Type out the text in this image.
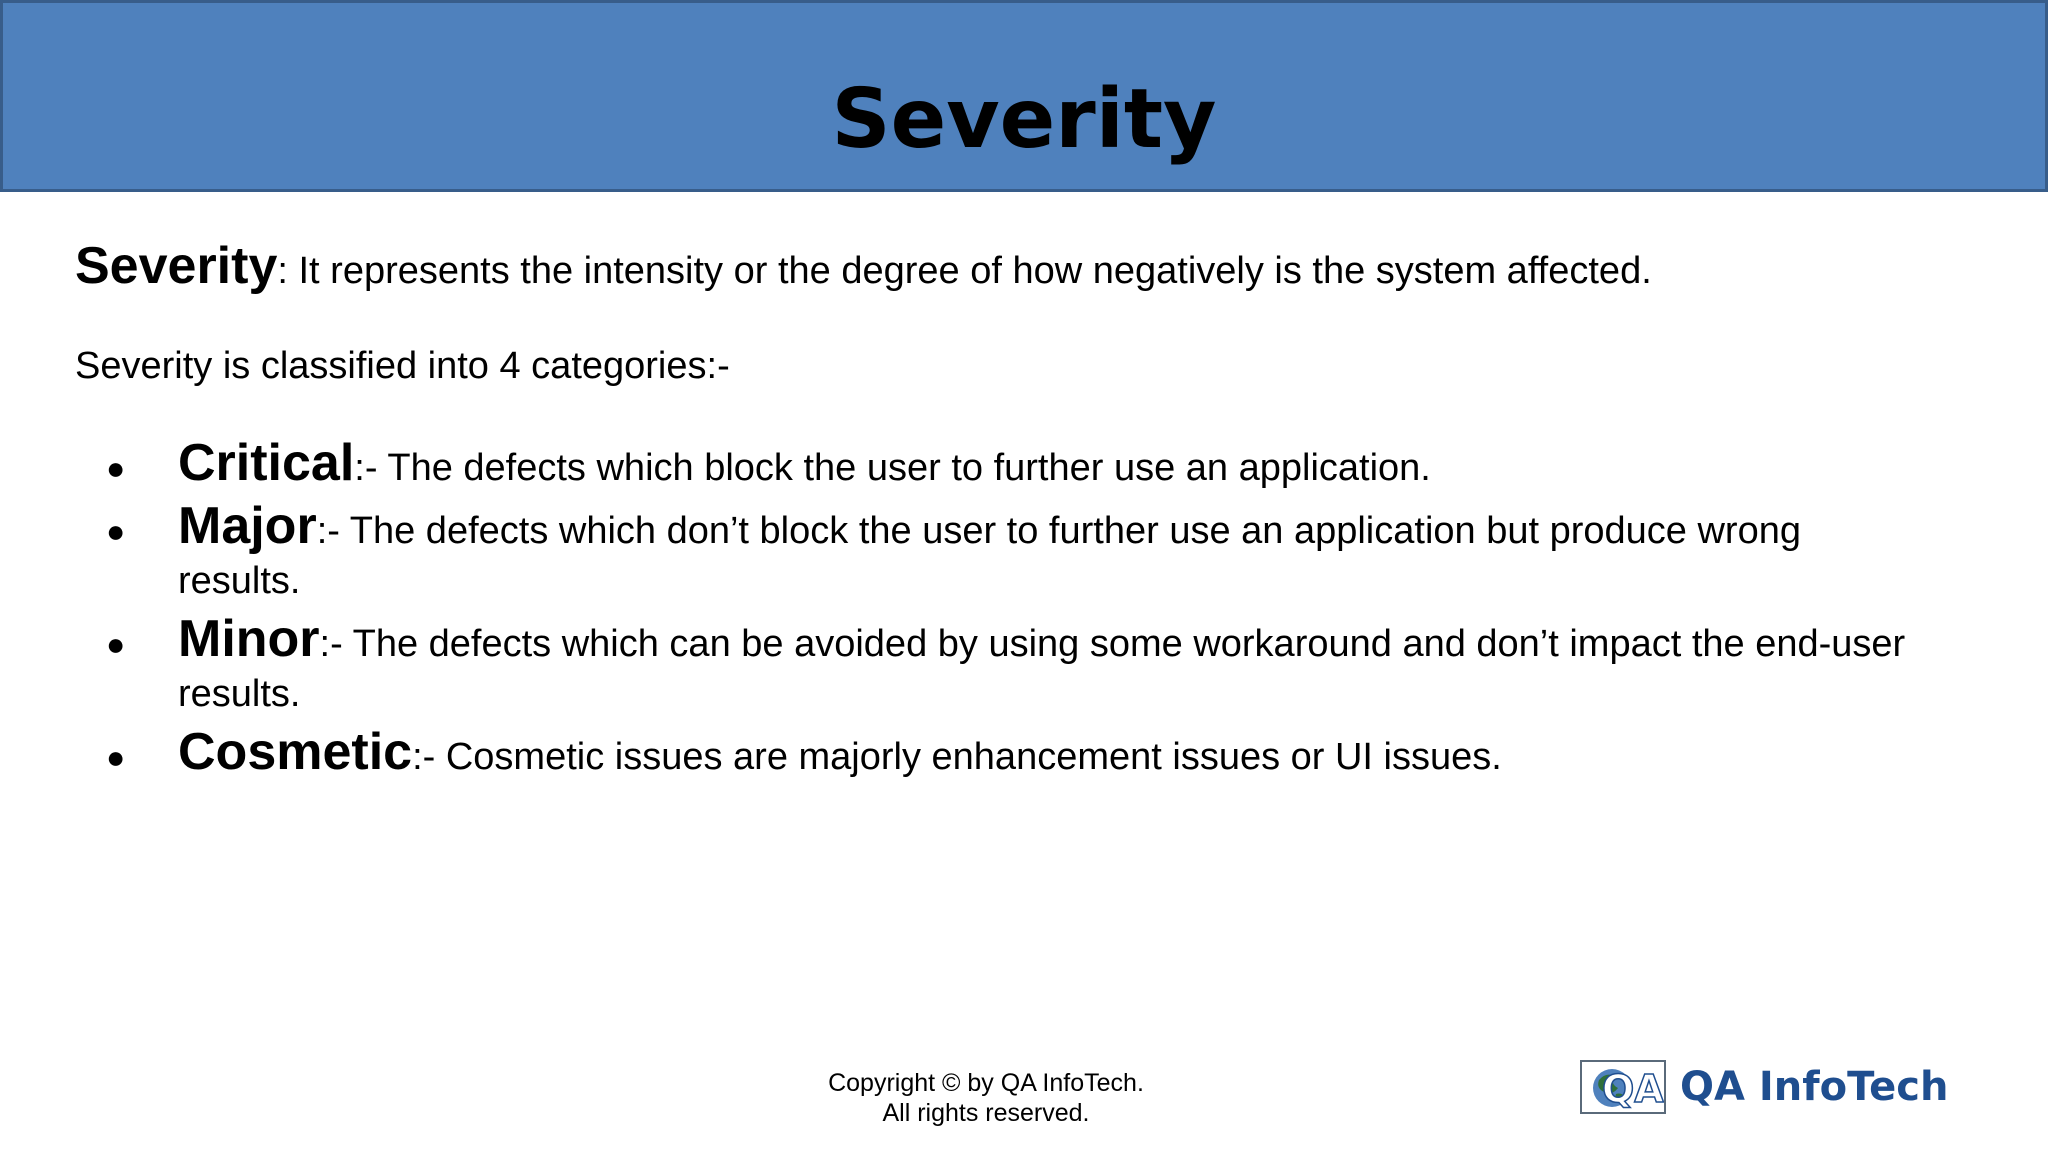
Severity

Severity: It represents the intensity or the degree of how negatively is the system affected.

Severity is classified into 4 categories:-

● Critical:- The defects which block the user to further use an application.
● Major:- The defects which don’t block the user to further use an application but produce wrong results.
● Minor:- The defects which can be avoided by using some workaround and don’t impact the end-user results.
● Cosmetic:- Cosmetic issues are majorly enhancement issues or UI issues.
Copyright © by QA InfoTech.
All rights reserved.
QA QA InfoTech
